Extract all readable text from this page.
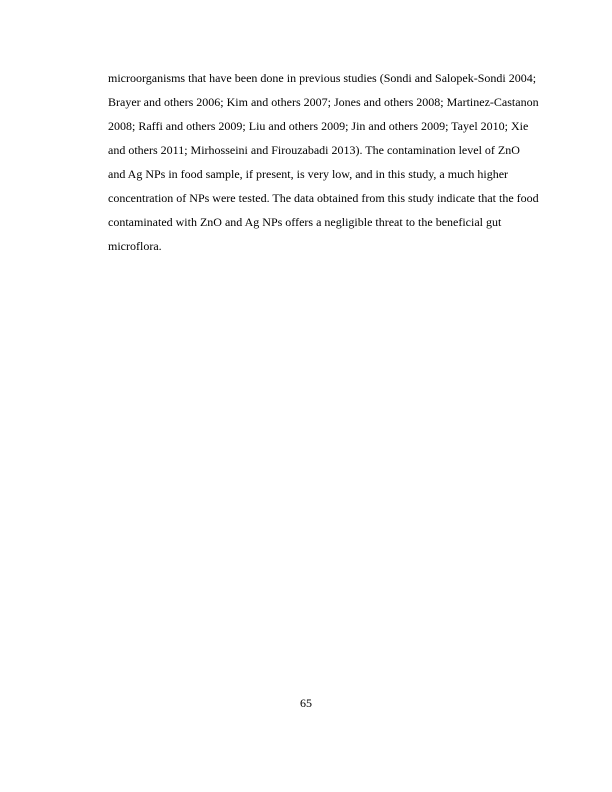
microorganisms that have been done in previous studies (Sondi and Salopek-Sondi 2004;
Brayer and others 2006; Kim and others 2007; Jones and others 2008; Martinez-Castanon
2008; Raffi and others 2009; Liu and others 2009; Jin and others 2009; Tayel 2010; Xie
and others 2011; Mirhosseini and Firouzabadi 2013). The contamination level of ZnO
and Ag NPs in food sample, if present, is very low, and in this study, a much higher
concentration of NPs were tested. The data obtained from this study indicate that the food
contaminated with ZnO and Ag NPs offers a negligible threat to the beneficial gut
microflora.

65
